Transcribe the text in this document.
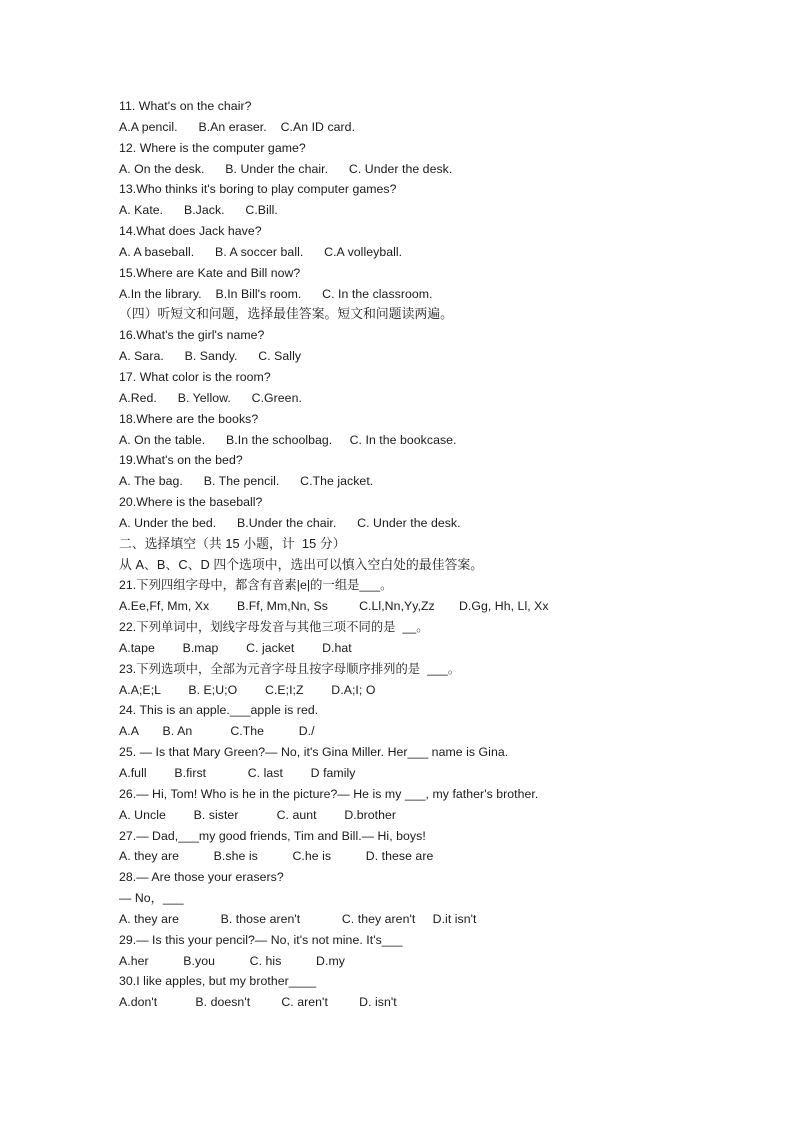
11. What's on the chair?
A.A pencil.      B.An eraser.    C.An ID card.
12. Where is the computer game?
A. On the desk.      B. Under the chair.      C. Under the desk.
13.Who thinks it's boring to play computer games?
A. Kate.      B.Jack.      C.Bill.
14.What does Jack have?
A. A baseball.      B. A soccer ball.      C.A volleyball.
15.Where are Kate and Bill now?
A.In the library.    B.In Bill's room.      C. In the classroom.
（四）听短文和问题，选择最佳答案。短文和问题读两遍。
16.What's the girl's name?
A. Sara.      B. Sandy.      C. Sally
17. What color is the room?
A.Red.      B. Yellow.      C.Green.
18.Where are the books?
A. On the table.      B.In the schoolbag.     C. In the bookcase.
19.What's on the bed?
A. The bag.      B. The pencil.      C.The jacket.
20.Where is the baseball?
A. Under the bed.      B.Under the chair.      C. Under the desk.
二、选择填空（共 15 小题，计  15 分）
从 A、B、C、D 四个选项中，选出可以慎入空白处的最佳答案。
21.下列四组字母中，都含有音素|e|的一组是___。
A.Ee,Ff, Mm, Xx        B.Ff, Mm,Nn, Ss         C.Ll,Nn,Yy,Zz       D.Gg, Hh, Ll, Xx
22.下列单词中，划线字母发音与其他三项不同的是  __。
A.tape        B.map        C. jacket        D.hat
23.下列选项中，全部为元音字母且按字母顺序排列的是  ___。
A.A;E;L        B. E;U;O        C.E;I;Z        D.A;I; O
24. This is an apple.___apple is red.
A.A       B. An           C.The          D./
25. — Is that Mary Green?— No, it's Gina Miller. Her___ name is Gina.
A.full        B.first            C. last        D family
26.— Hi, Tom! Who is he in the picture?— He is my ___, my father's brother.
A. Uncle        B. sister           C. aunt        D.brother
27.— Dad,___my good friends, Tim and Bill.— Hi, boys!
A. they are          B.she is          C.he is          D. these are
28.— Are those your erasers?
— No，___
A. they are            B. those aren't            C. they aren't     D.it isn't
29.— Is this your pencil?— No, it's not mine. It's___
A.her          B.you          C. his          D.my
30.I like apples, but my brother____
A.don't           B. doesn't         C. aren't         D. isn't
